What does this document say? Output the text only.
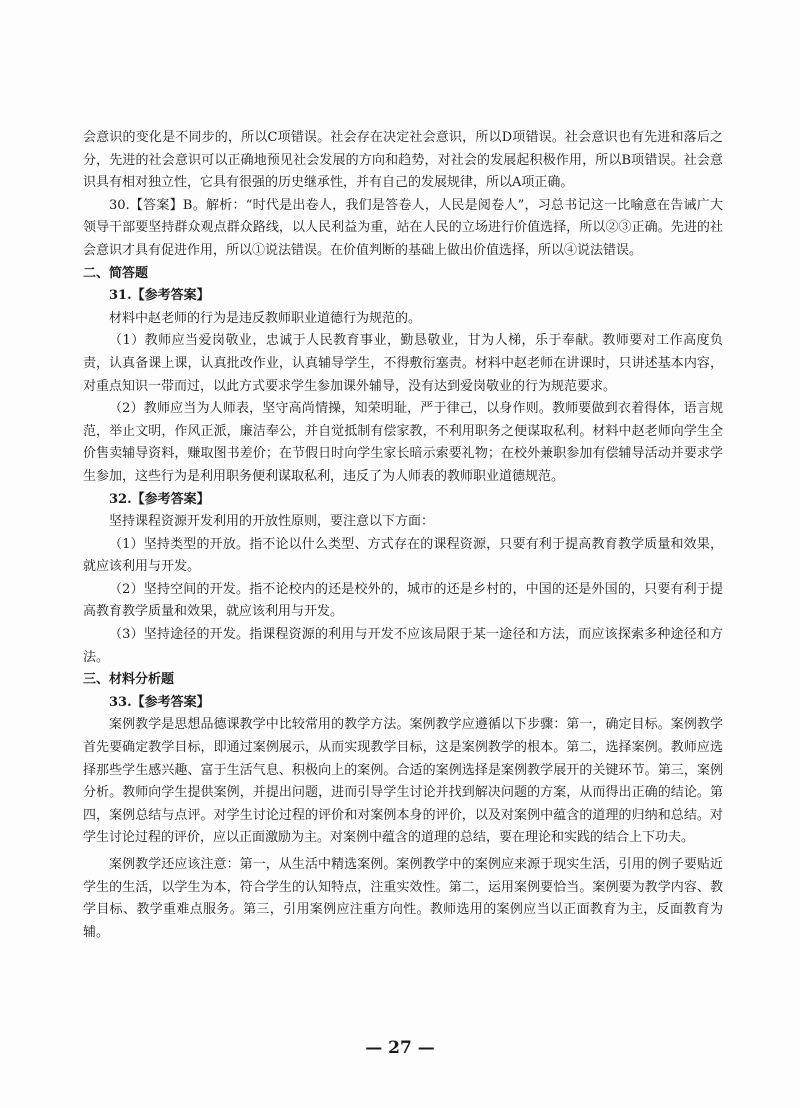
会意识的变化是不同步的，所以C项错误。社会存在决定社会意识，所以D项错误。社会意识也有先进和落后之分，先进的社会意识可以正确地预见社会发展的方向和趋势，对社会的发展起积极作用，所以B项错误。社会意识具有相对独立性，它具有很强的历史继承性，并有自己的发展规律，所以A项正确。

30.【答案】B。解析：“时代是出卷人，我们是答卷人，人民是阅卷人”，习总书记这一比喻意在告诫广大领导干部要坚持群众观点群众路线，以人民利益为重，站在人民的立场进行价值选择，所以②③正确。先进的社会意识才具有促进作用，所以①说法错误。在价值判断的基础上做出价值选择，所以④说法错误。

二、简答题

31.【参考答案】

材料中赵老师的行为是违反教师职业道德行为规范的。

（1）教师应当爱岗敬业，忠诚于人民教育事业，勤恳敬业，甘为人梯，乐于奉献。教师要对工作高度负责，认真备课上课，认真批改作业，认真辅导学生，不得敷衍塞责。材料中赵老师在讲课时，只讲述基本内容，对重点知识一带而过，以此方式要求学生参加课外辅导，没有达到爱岗敬业的行为规范要求。

（2）教师应当为人师表，坚守高尚情操，知荣明耻，严于律己，以身作则。教师要做到衣着得体，语言规范，举止文明，作风正派，廉洁奉公，并自觉抵制有偿家教，不利用职务之便谋取私利。材料中赵老师向学生全价售卖辅导资料，赚取图书差价；在节假日时向学生家长暗示索要礼物；在校外兼职参加有偿辅导活动并要求学生参加，这些行为是利用职务便利谋取私利，违反了为人师表的教师职业道德规范。

32.【参考答案】

坚持课程资源开发利用的开放性原则，要注意以下方面：

（1）坚持类型的开放。指不论以什么类型、方式存在的课程资源，只要有利于提高教育教学质量和效果，就应该利用与开发。

（2）坚持空间的开发。指不论校内的还是校外的，城市的还是乡村的，中国的还是外国的，只要有利于提高教育教学质量和效果，就应该利用与开发。

（3）坚持途径的开发。指课程资源的利用与开发不应该局限于某一途径和方法，而应该探索多种途径和方法。

三、材料分析题

33.【参考答案】

案例教学是思想品德课教学中比较常用的教学方法。案例教学应遵循以下步骤：第一，确定目标。案例教学首先要确定教学目标，即通过案例展示，从而实现教学目标，这是案例教学的根本。第二，选择案例。教师应选择那些学生感兴趣、富于生活气息、积极向上的案例。合适的案例选择是案例教学展开的关键环节。第三，案例分析。教师向学生提供案例，并提出问题，进而引导学生讨论并找到解决问题的方案，从而得出正确的结论。第四，案例总结与点评。对学生讨论过程的评价和对案例本身的评价，以及对案例中蕴含的道理的归纳和总结。对学生讨论过程的评价，应以正面激励为主。对案例中蕴含的道理的总结，要在理论和实践的结合上下功夫。

案例教学还应该注意：第一，从生活中精选案例。案例教学中的案例应来源于现实生活，引用的例子要贴近学生的生活，以学生为本，符合学生的认知特点，注重实效性。第二，运用案例要恰当。案例要为教学内容、教学目标、教学重难点服务。第三，引用案例应注重方向性。教师选用的案例应当以正面教育为主，反面教育为辅。

— 27 —
